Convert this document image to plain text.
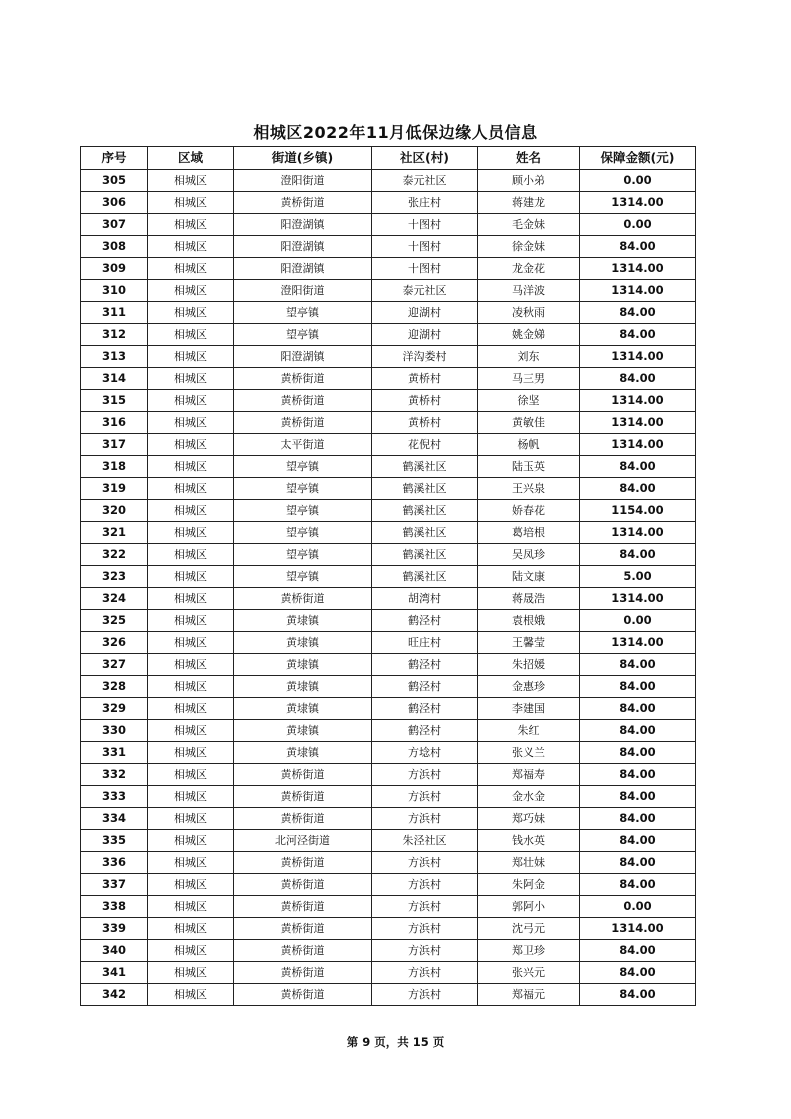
相城区2022年11月低保边缘人员信息
序号	区域	街道(乡镇)	社区(村)	姓名	保障金额(元)
305	相城区	澄阳街道	泰元社区	顾小弟	0.00
306	相城区	黄桥街道	张庄村	蒋建龙	1314.00
307	相城区	阳澄湖镇	十图村	毛金妹	0.00
308	相城区	阳澄湖镇	十图村	徐金妹	84.00
309	相城区	阳澄湖镇	十图村	龙金花	1314.00
310	相城区	澄阳街道	泰元社区	马洋波	1314.00
311	相城区	望亭镇	迎湖村	凌秋雨	84.00
312	相城区	望亭镇	迎湖村	姚金娣	84.00
313	相城区	阳澄湖镇	洋沟娄村	刘东	1314.00
314	相城区	黄桥街道	黄桥村	马三男	84.00
315	相城区	黄桥街道	黄桥村	徐坚	1314.00
316	相城区	黄桥街道	黄桥村	黄敏佳	1314.00
317	相城区	太平街道	花倪村	杨帆	1314.00
318	相城区	望亭镇	鹤溪社区	陆玉英	84.00
319	相城区	望亭镇	鹤溪社区	王兴泉	84.00
320	相城区	望亭镇	鹤溪社区	娇春花	1154.00
321	相城区	望亭镇	鹤溪社区	葛培根	1314.00
322	相城区	望亭镇	鹤溪社区	吴凤珍	84.00
323	相城区	望亭镇	鹤溪社区	陆文康	5.00
324	相城区	黄桥街道	胡湾村	蒋晟浩	1314.00
325	相城区	黄埭镇	鹤泾村	袁根娥	0.00
326	相城区	黄埭镇	旺庄村	王馨莹	1314.00
327	相城区	黄埭镇	鹤泾村	朱招媛	84.00
328	相城区	黄埭镇	鹤泾村	金惠珍	84.00
329	相城区	黄埭镇	鹤泾村	李建国	84.00
330	相城区	黄埭镇	鹤泾村	朱红	84.00
331	相城区	黄埭镇	方埝村	张义兰	84.00
332	相城区	黄桥街道	方浜村	郑福寿	84.00
333	相城区	黄桥街道	方浜村	金水金	84.00
334	相城区	黄桥街道	方浜村	郑巧妹	84.00
335	相城区	北河泾街道	朱泾社区	钱水英	84.00
336	相城区	黄桥街道	方浜村	郑壮妹	84.00
337	相城区	黄桥街道	方浜村	朱阿金	84.00
338	相城区	黄桥街道	方浜村	郭阿小	0.00
339	相城区	黄桥街道	方浜村	沈弓元	1314.00
340	相城区	黄桥街道	方浜村	郑卫珍	84.00
341	相城区	黄桥街道	方浜村	张兴元	84.00
342	相城区	黄桥街道	方浜村	郑福元	84.00
第 9 页，共 15 页
